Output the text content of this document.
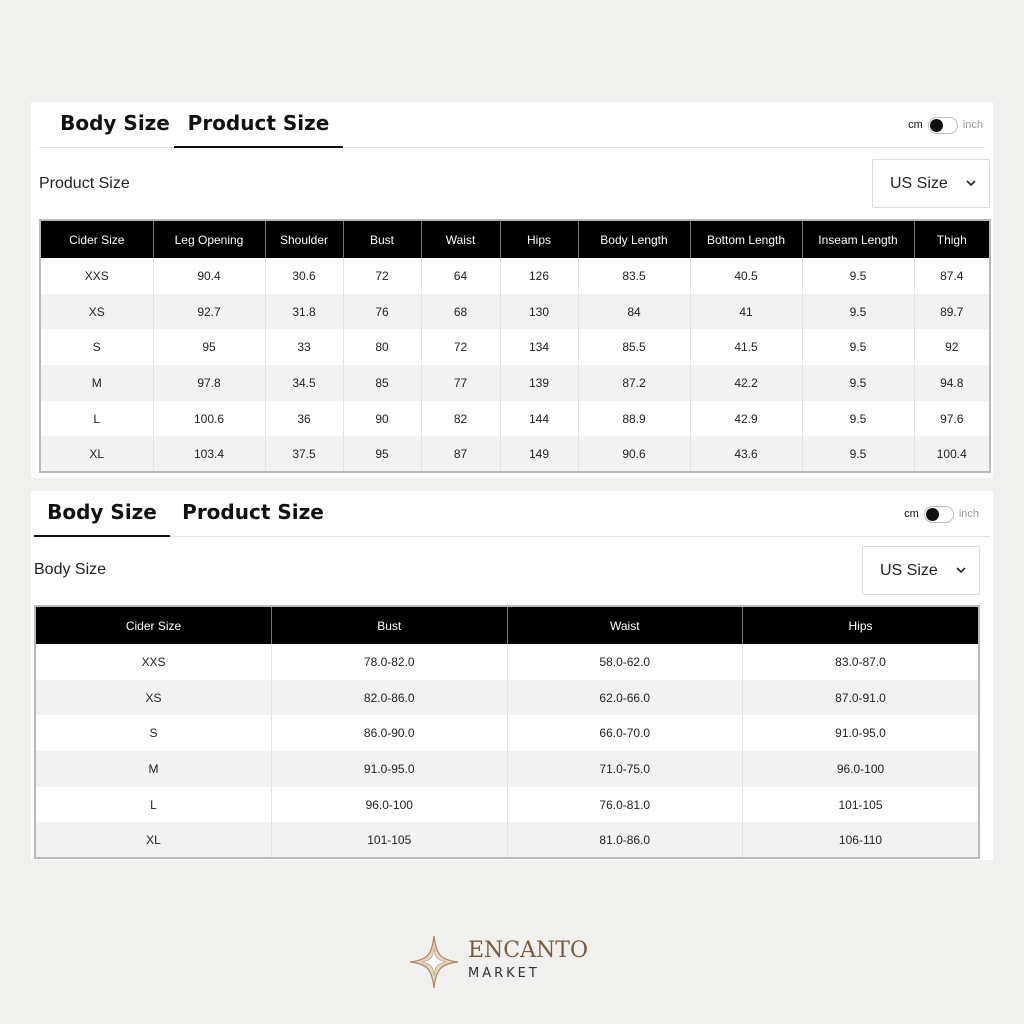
Body Size Product Size	cm	inch
Product Size	US Size
Cider Size	Leg Opening	Shoulder	Bust	Waist	Hips	Body Length	Bottom Length	Inseam Length	Thigh
XXS	90.4	30.6	72	64	126	83.5	40.5	9.5	87.4
XS	92.7	31.8	76	68	130	84	41	9.5	89.7
S	95	33	80	72	134	85.5	41.5	9.5	92
M	97.8	34.5	85	77	139	87.2	42.2	9.5	94.8
L	100.6	36	90	82	144	88.9	42.9	9.5	97.6
XL	103.4	37.5	95	87	149	90.6	43.6	9.5	100.4
Body Size	Product Size	cm	inch
Body Size	US Size
Cider Size	Bust	Waist	Hips
XXS	78.0-82.0	58.0-62.0	83.0-87.0
XS	82.0-86.0	62.0-66.0	87.0-91.0
S	86.0-90.0	66.0-70.0	91.0-95.0
M	91.0-95.0	71.0-75.0	96.0-100
L	96.0-100	76.0-81.0	101-105
XL	101-105	81.0-86.0	106-110
ENCANTO
MARKET
